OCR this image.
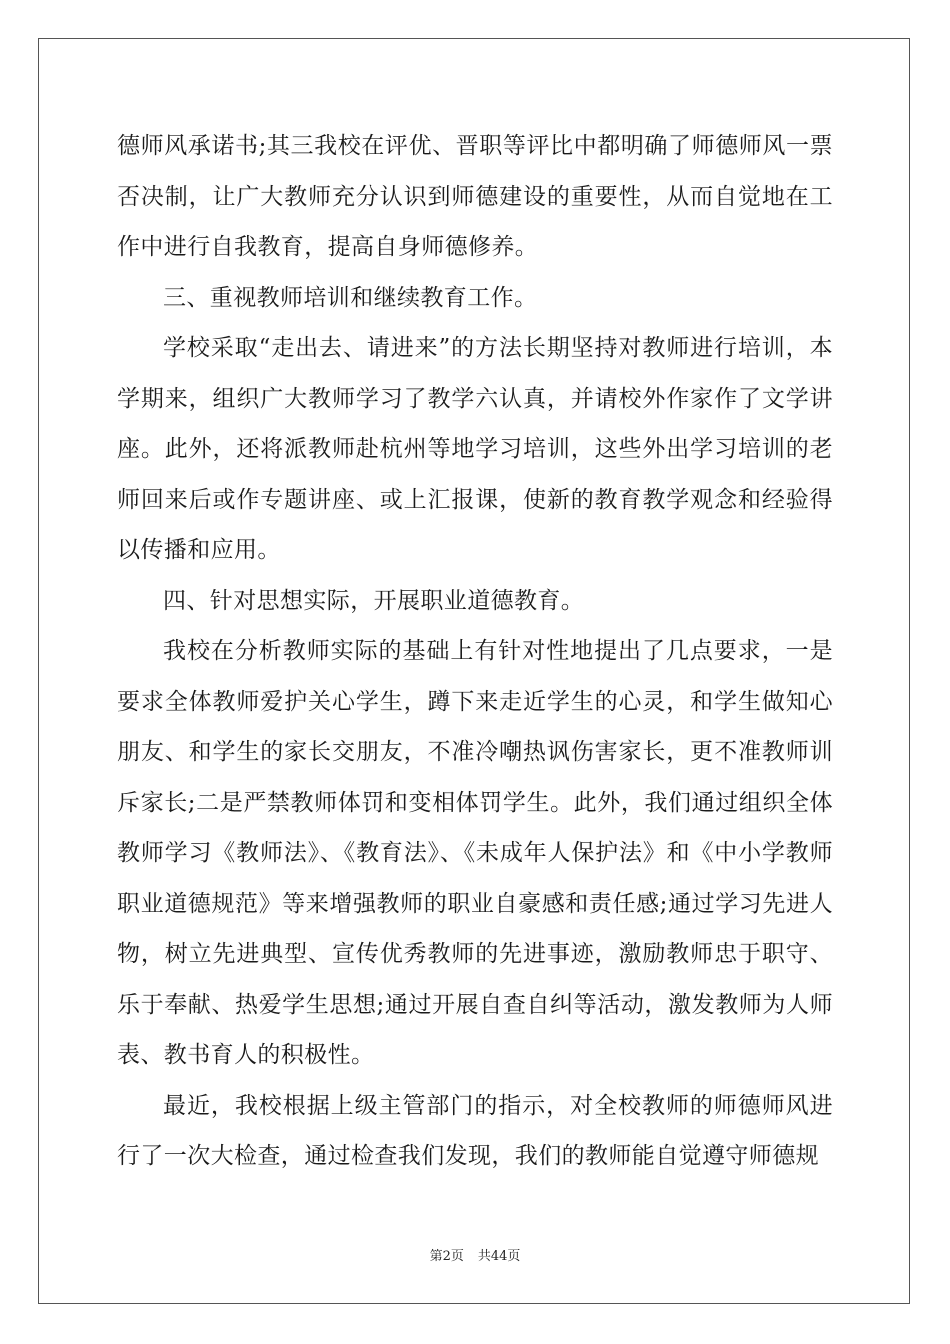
德师风承诺书;其三我校在评优、晋职等评比中都明确了师德师风一票否决制，让广大教师充分认识到师德建设的重要性，从而自觉地在工作中进行自我教育，提高自身师德修养。

三、重视教师培训和继续教育工作。

学校采取“走出去、请进来”的方法长期坚持对教师进行培训，本学期来，组织广大教师学习了教学六认真，并请校外作家作了文学讲座。此外，还将派教师赴杭州等地学习培训，这些外出学习培训的老师回来后或作专题讲座、或上汇报课，使新的教育教学观念和经验得以传播和应用。

四、针对思想实际，开展职业道德教育。

我校在分析教师实际的基础上有针对性地提出了几点要求，一是要求全体教师爱护关心学生，蹲下来走近学生的心灵，和学生做知心朋友、和学生的家长交朋友，不准冷嘲热讽伤害家长，更不准教师训斥家长;二是严禁教师体罚和变相体罚学生。此外，我们通过组织全体教师学习《教师法》、《教育法》、《未成年人保护法》和《中小学教师职业道德规范》等来增强教师的职业自豪感和责任感;通过学习先进人物，树立先进典型、宣传优秀教师的先进事迹，激励教师忠于职守、乐于奉献、热爱学生思想;通过开展自查自纠等活动，激发教师为人师表、教书育人的积极性。

最近，我校根据上级主管部门的指示，对全校教师的师德师风进行了一次大检查，通过检查我们发现，我们的教师能自觉遵守师德规

第2页 共44页
